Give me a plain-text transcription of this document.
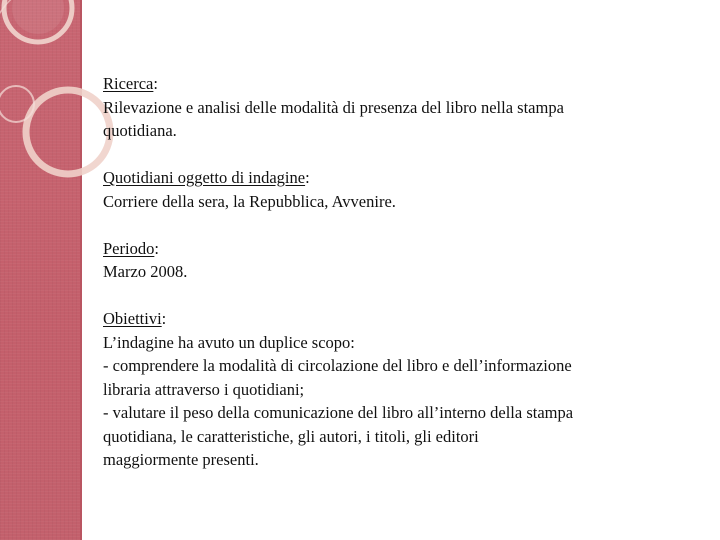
Ricerca:
Rilevazione e analisi delle modalità di presenza del libro nella stampa
quotidiana.
Quotidiani oggetto di indagine:
Corriere della sera, la Repubblica, Avvenire.
Periodo:
Marzo 2008.
Obiettivi:
L’indagine ha avuto un duplice scopo:
- comprendere la modalità di circolazione del libro e dell’informazione
libraria attraverso i quotidiani;
- valutare il peso della comunicazione del libro all’interno della stampa
quotidiana, le caratteristiche, gli autori, i titoli, gli editori
maggiormente presenti.
